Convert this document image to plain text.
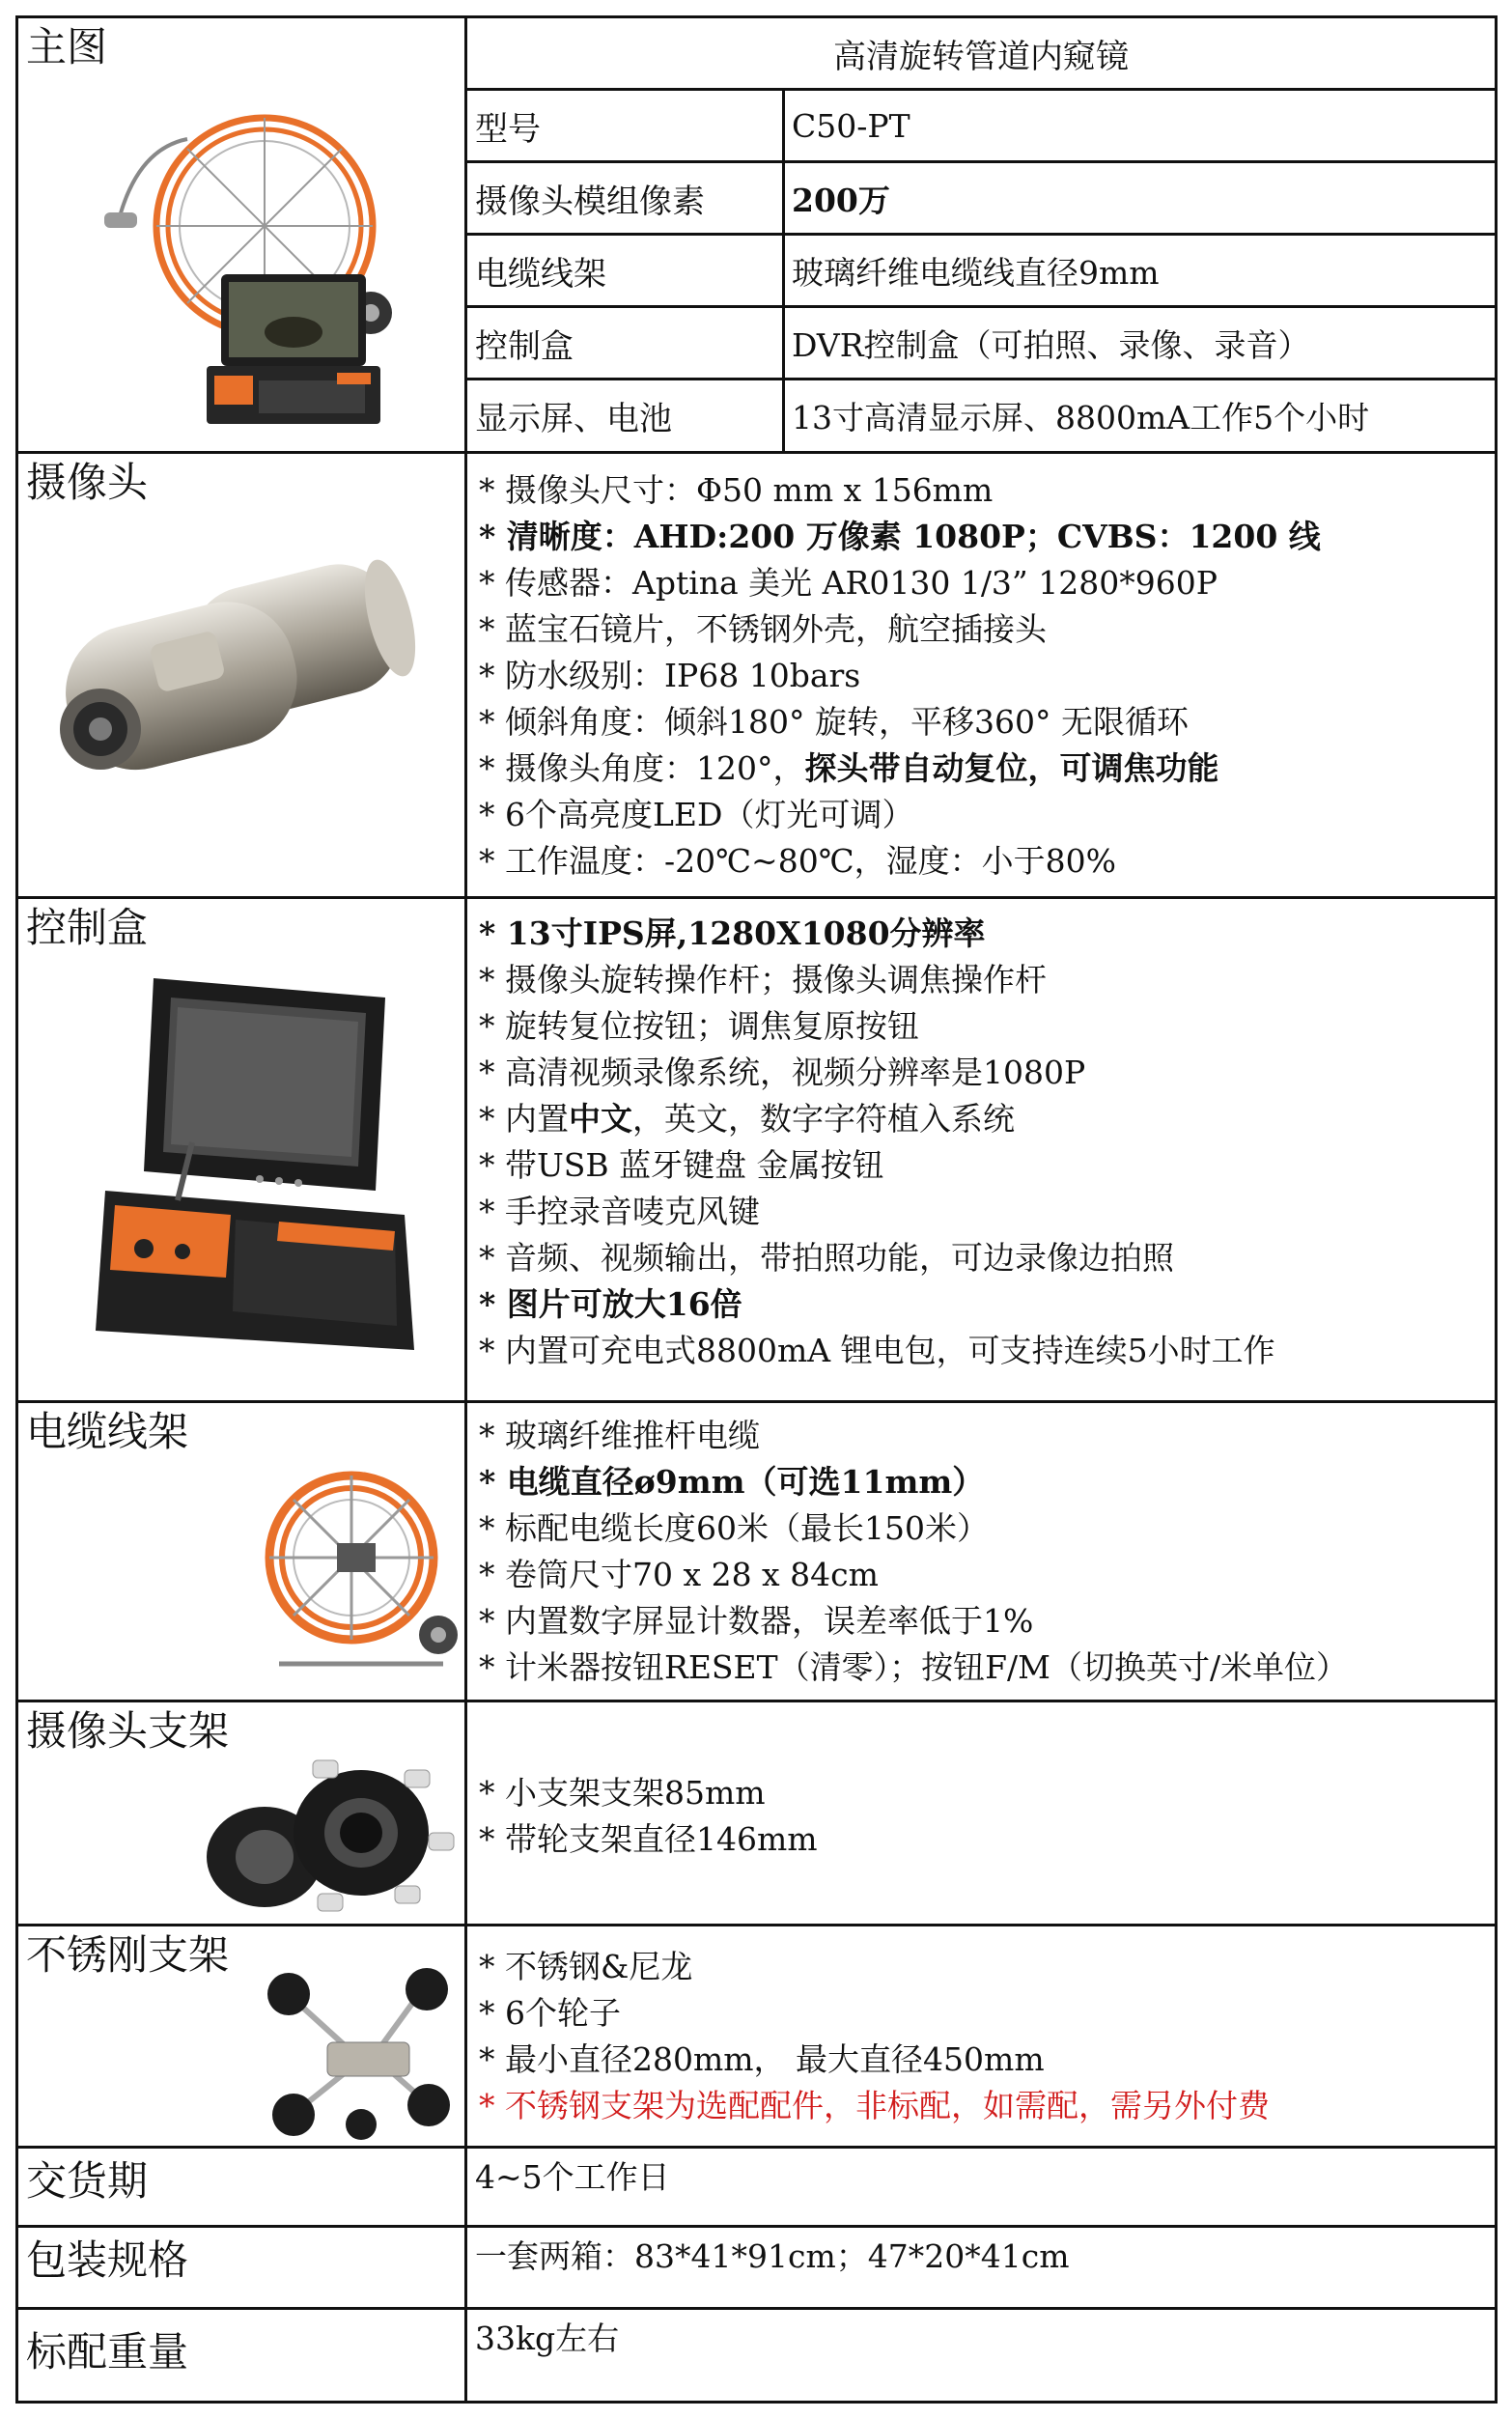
主图	高清旋转管道内窥镜
型号	C50-PT
摄像头模组像素	200万
电缆线架	玻璃纤维电缆线直径9mm
控制盒	DVR控制盒（可拍照、录像、录音）
显示屏、电池	13寸高清显示屏、8800mA工作5个小时
摄像头	* 摄像头尺寸：Φ50 mm x 156mm
* 清晰度：AHD:200 万像素 1080P；CVBS：1200 线
* 传感器：Aptina 美光 AR0130 1/3” 1280*960P
* 蓝宝石镜片，不锈钢外壳，航空插接头
* 防水级别：IP68 10bars
* 倾斜角度：倾斜180° 旋转，平移360° 无限循环
* 摄像头角度：120°，探头带自动复位，可调焦功能
* 6个高亮度LED（灯光可调）
* 工作温度：-20℃~80℃，湿度：小于80%
控制盒	* 13寸IPS屏,1280X1080分辨率
* 摄像头旋转操作杆；摄像头调焦操作杆
* 旋转复位按钮；调焦复原按钮
* 高清视频录像系统，视频分辨率是1080P
* 内置中文，英文，数字字符植入系统
* 带USB 蓝牙键盘 金属按钮
* 手控录音唛克风键
* 音频、视频输出，带拍照功能，可边录像边拍照
* 图片可放大16倍
* 内置可充电式8800mA 锂电包，可支持连续5小时工作
电缆线架	* 玻璃纤维推杆电缆
* 电缆直径ø9mm（可选11mm）
* 标配电缆长度60米（最长150米）
* 卷筒尺寸70 x 28 x 84cm
* 内置数字屏显计数器，误差率低于1%
* 计米器按钮RESET（清零）；按钮F/M（切换英寸/米单位）
摄像头支架
* 小支架支架85mm
* 带轮支架直径146mm
不锈刚支架	* 不锈钢&尼龙
* 6个轮子
* 最小直径280mm， 最大直径450mm
* 不锈钢支架为选配配件，非标配，如需配，需另外付费
交货期	4~5个工作日
包装规格	一套两箱：83*41*91cm；47*20*41cm
标配重量	33kg左右
